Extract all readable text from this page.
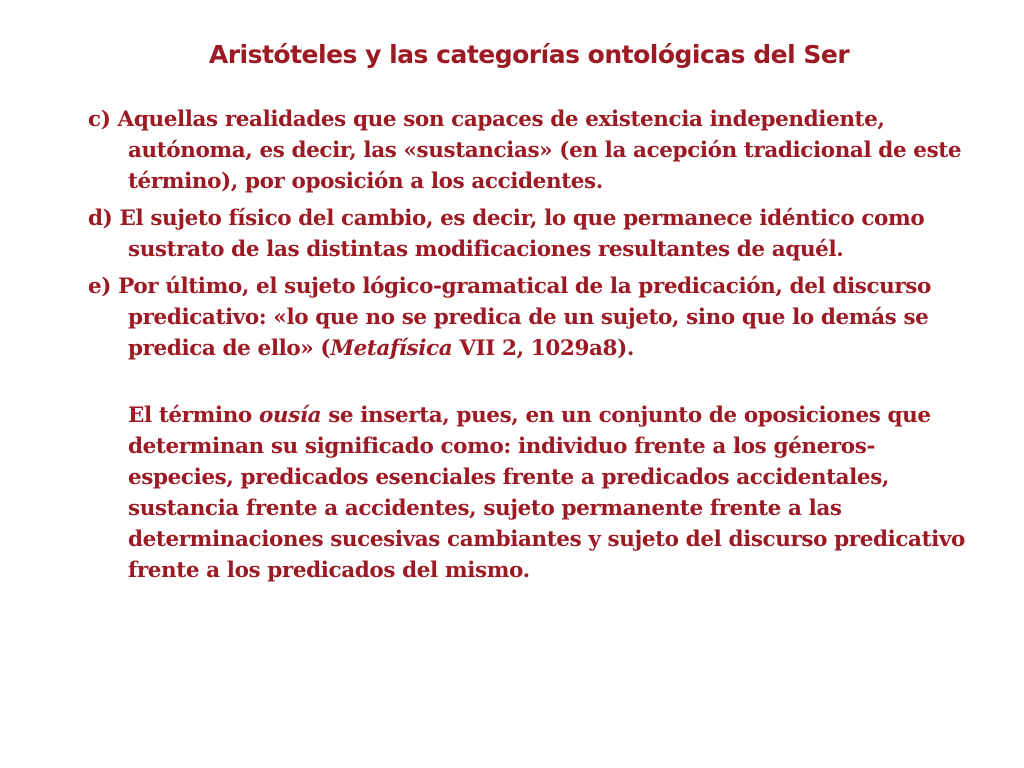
Aristóteles y las categorías ontológicas del Ser

c) Aquellas realidades que son capaces de existencia independiente, autónoma, es decir, las «sustancias» (en la acepción tradicional de este término), por oposición a los accidentes.

d) El sujeto físico del cambio, es decir, lo que permanece idéntico como sustrato de las distintas modificaciones resultantes de aquél.

e) Por último, el sujeto lógico-gramatical de la predicación, del discurso predicativo: «lo que no se predica de un sujeto, sino que lo demás se predica de ello» (Metafísica VII 2, 1029a8).

El término ousía se inserta, pues, en un conjunto de oposiciones que determinan su significado como: individuo frente a los géneros-especies, predicados esenciales frente a predicados accidentales, sustancia frente a accidentes, sujeto permanente frente a las determinaciones sucesivas cambiantes y sujeto del discurso predicativo frente a los predicados del mismo.
